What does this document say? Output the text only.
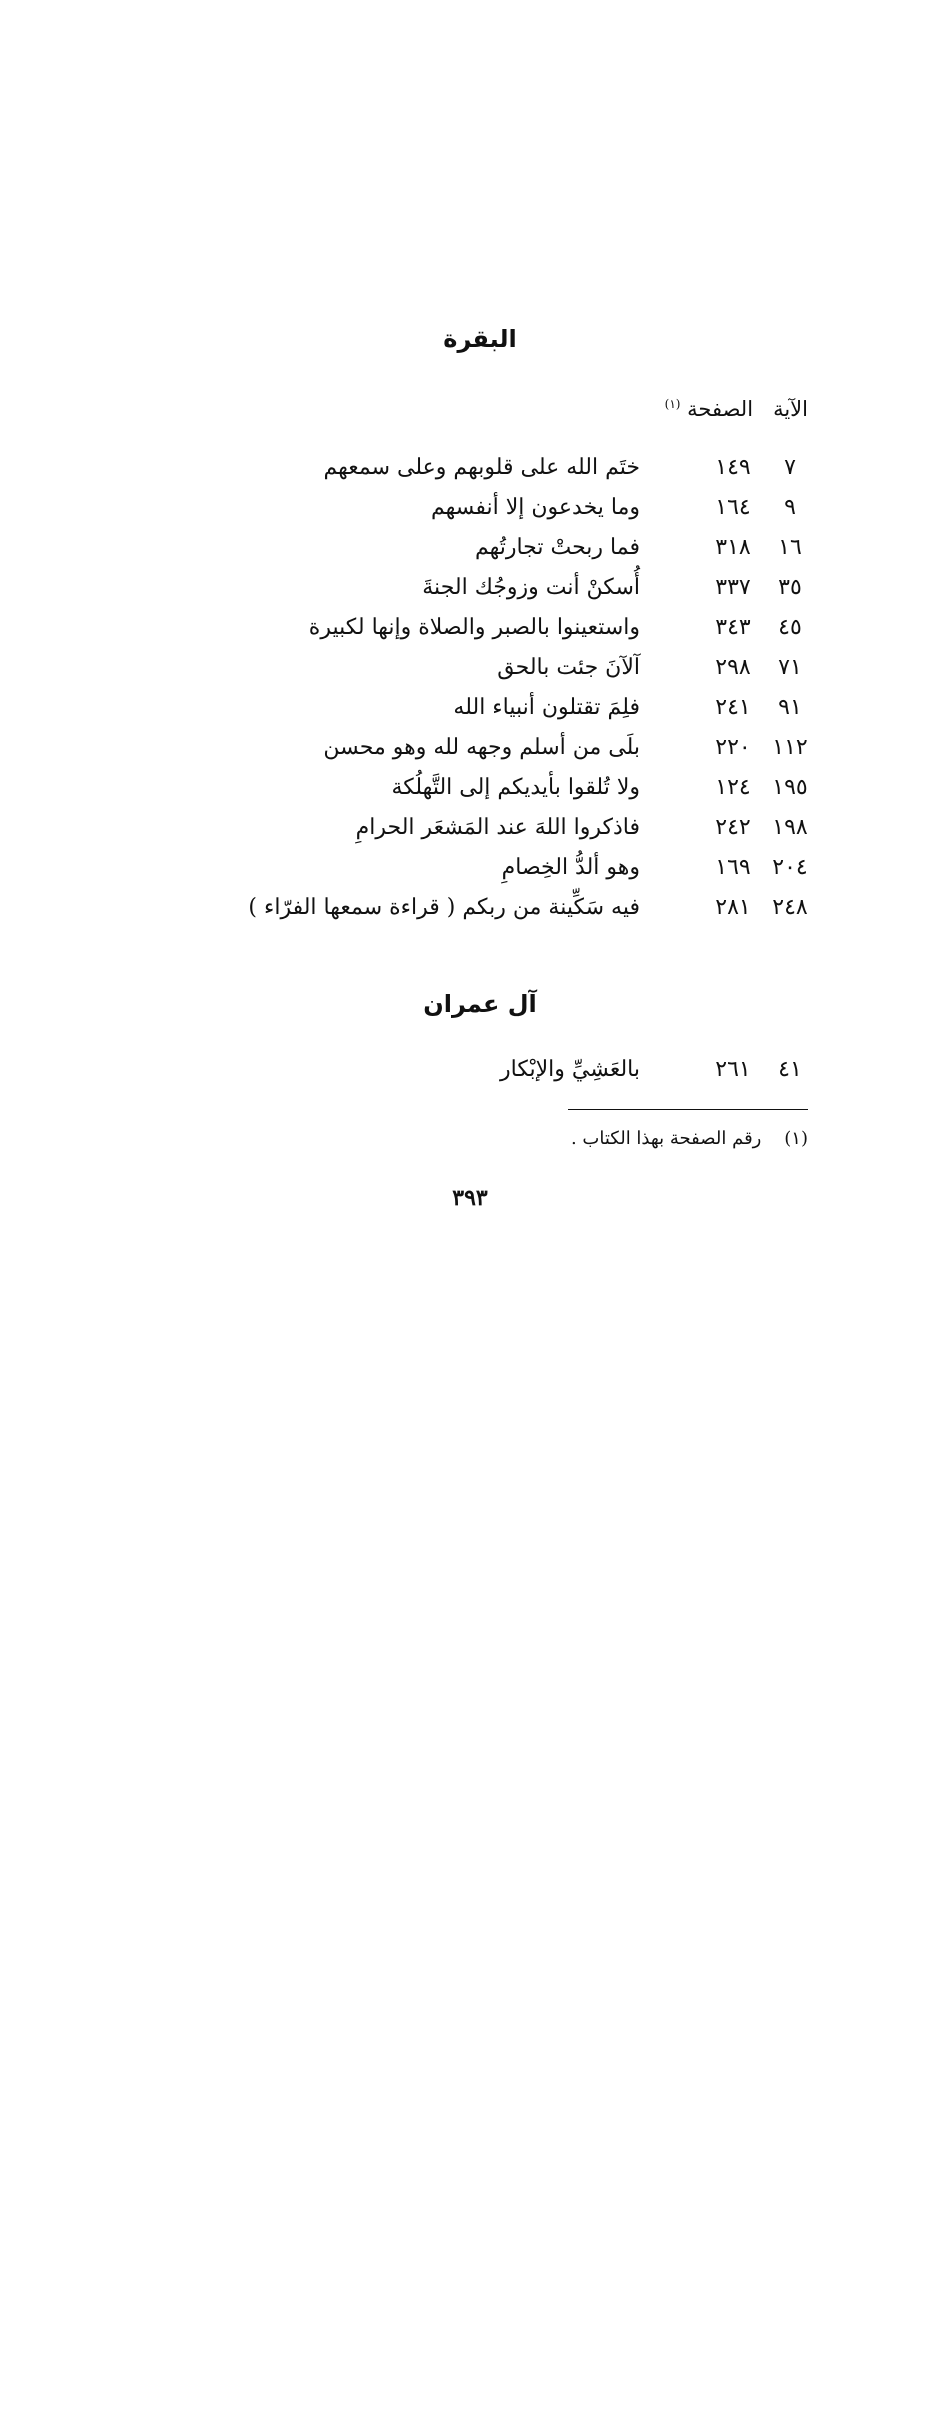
البقرة
الآية   الصفحة $^{(١)}$
٧
١٤٩
ختَم الله على قلوبهم وعلى سمعهم
٩
١٦٤
وما يخدعون إلا أنفسهم
١٦
٣١٨
فما ربحتْ تجارتُهم
٣٥
٣٣٧
أُسكنْ أنت وزوجُك الجنةَ
٤٥
٣٤٣
واستعينوا بالصبر والصلاة وإنها لكبيرة
٧١
٢٩٨
آلآنَ جئت بالحق
٩١
٢٤١
فلِمَ تقتلون أنبياء الله
١١٢
٢٢٠
بلَى من أسلم وجهه لله وهو محسن
١٩٥
١٢٤
ولا تُلقوا بأيديكم إلى التَّهلُكة
١٩٨
٢٤٢
فاذكروا اللهَ عند المَشعَر الحرامِ
٢٠٤
١٦٩
وهو ألدُّ الخِصامِ
٢٤٨
٢٨١
فيه سَكِّينة من ربكم ( قراءة سمعها الفرّاء )
آل عمران
٤١
٢٦١
بالعَشِيِّ والإبْكار
(١)    رقم الصفحة بهذا الكتاب .
٣٩٣
